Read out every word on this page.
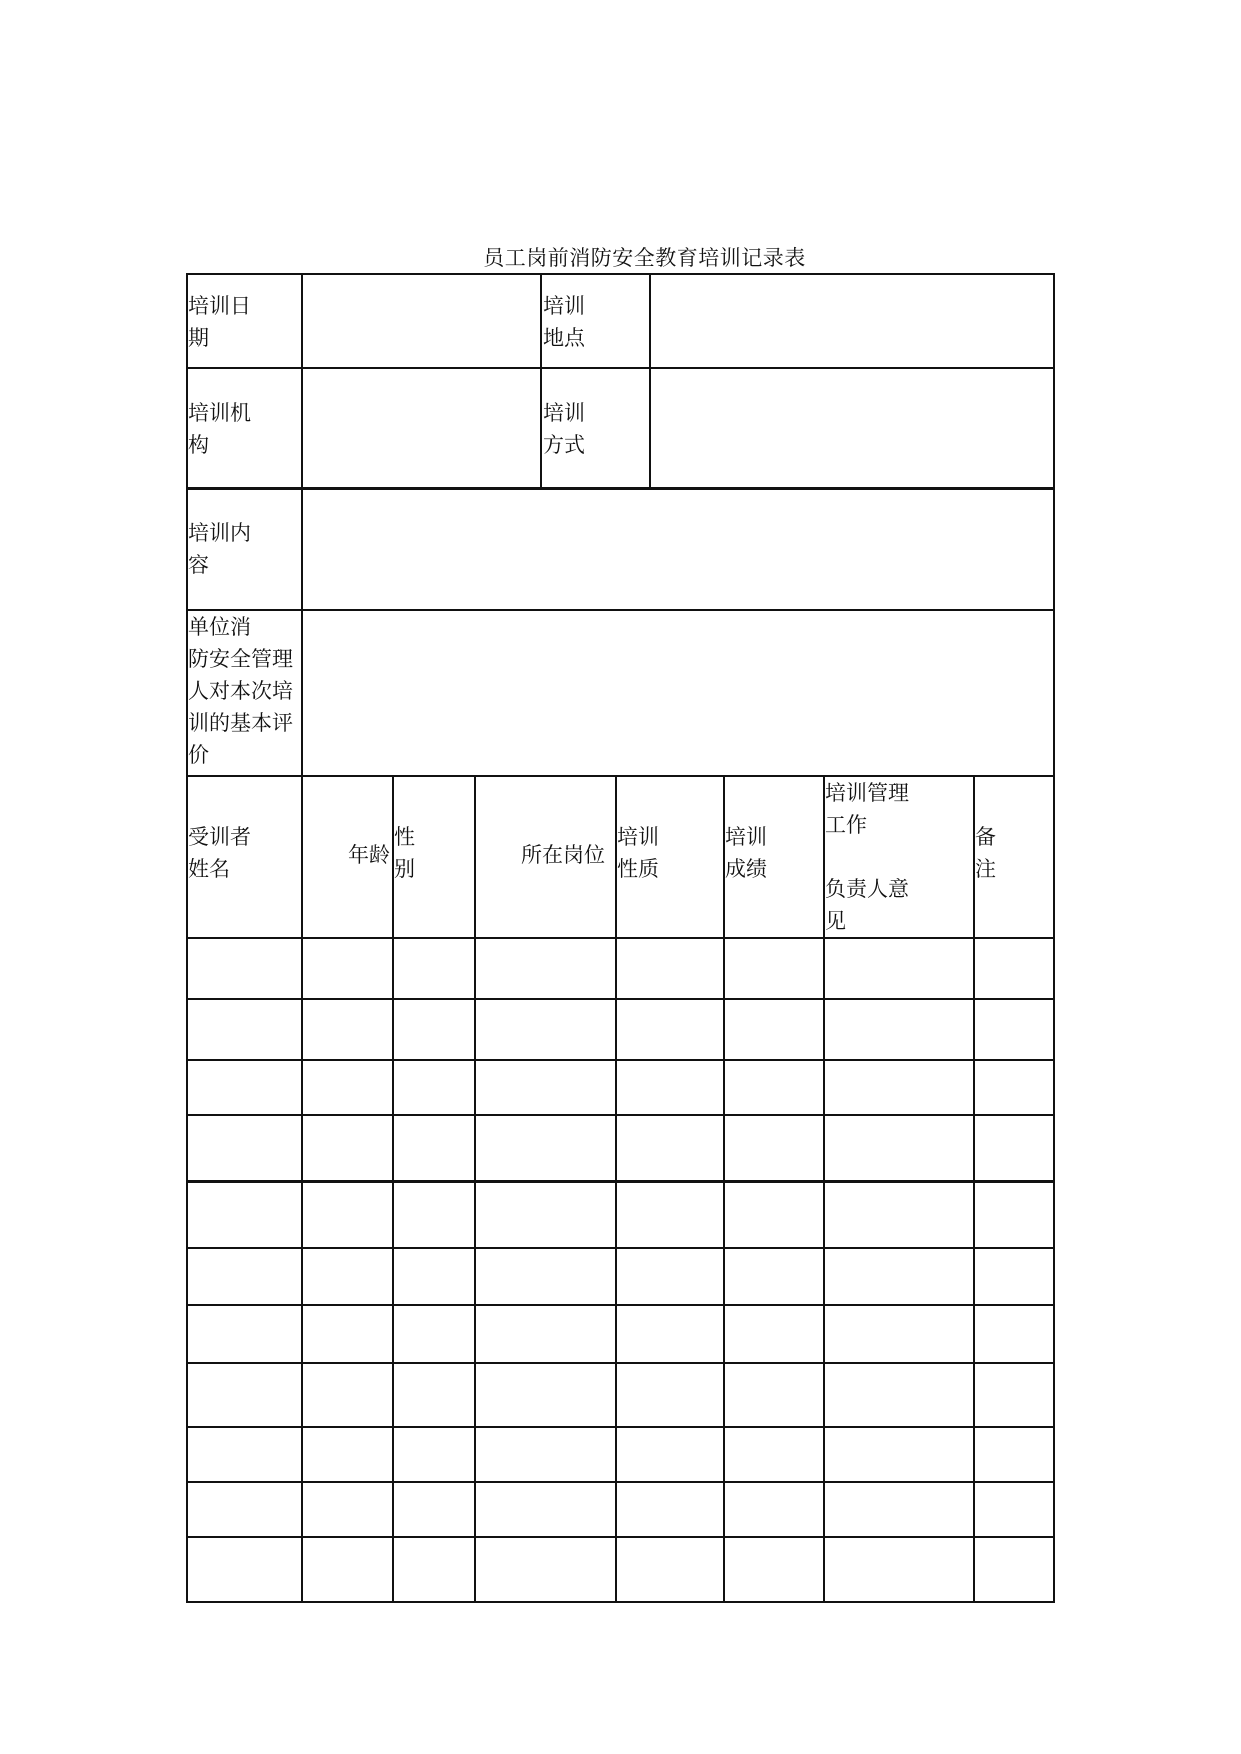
员工岗前消防安全教育培训记录表
培训日
期
培训
地点
培训机
构
培训
方式
培训内
容
单位消
防安全管理
人对本次培
训的基本评
价
受训者
姓名
年龄
性
别
所在岗位
培训
性质
培训
成绩
培训管理
工作

负责人意
见
备
注
